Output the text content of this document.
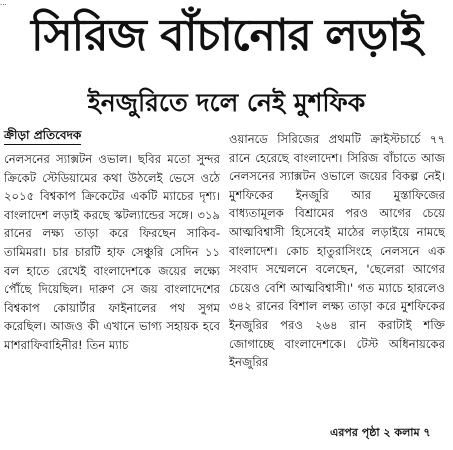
...
সিরিজ বাঁচানোর লড়াই
ইনজুরিতে দলে নেই মুশফিক
ক্রীড়া প্রতিবেদক

নেলসনের স্যাক্সটন ওভাল। ছবির মতো সুন্দর ক্রিকেট স্টেডিয়ামের কথা উঠলেই ভেসে ওঠে ২০১৫ বিশ্বকাপ ক্রিকেটের একটি ম্যাচের দৃশ্য। বাংলাদেশ লড়াই করছে স্কটল্যান্ডের সঙ্গে। ৩১৯ রানের লক্ষ্য তাড়া করে ফিরছেন সাকিব-তামিমরা। চার চারটি হাফ সেঞ্চুরি সেদিন ১১ বল হাতে রেখেই বাংলাদেশকে জয়ের লক্ষ্যে পৌঁছে দিয়েছিল। দারুণ সে জয় বাংলাদেশের বিশ্বকাপ কোয়ার্টার ফাইনালের পথ সুগম করেছিল। আজও কী এখানে ভাগ্য সহায়ক হবে মাশরাফিবাহিনীর! তিন ম্যাচ

ওয়ানডে সিরিজের প্রথমটি ক্রাইস্টচার্চে ৭৭ রানে হেরেছে বাংলাদেশ। সিরিজ বাঁচাতে আজ নেলসনের স্যাক্সটন ওভালে জয়ের বিকল্প নেই। মুশফিকের ইনজুরি আর মুস্তাফিজের বাধ্যতামূলক বিশ্রামের পরও আগের চেয়ে আত্মবিশ্বাসী হিসেবেই মাঠের লড়াইয়ে নামছে বাংলাদেশ। কোচ হাতুরাসিংহে নেলসনে এক সংবাদ সম্মেলনে বলেছেন, 'ছেলেরা আগের চেয়েও বেশি আত্মবিশ্বাসী।' গত ম্যাচে হারলেও ৩৪২ রানের বিশাল লক্ষ্য তাড়া করে মুশফিকের ইনজুরির পরও ২৬৪ রান করাটাই শক্তি জোগাচ্ছে বাংলাদেশকে। টেস্ট অধিনায়কের ইনজুরির

এরপর পৃষ্ঠা ২ কলাম ৭
